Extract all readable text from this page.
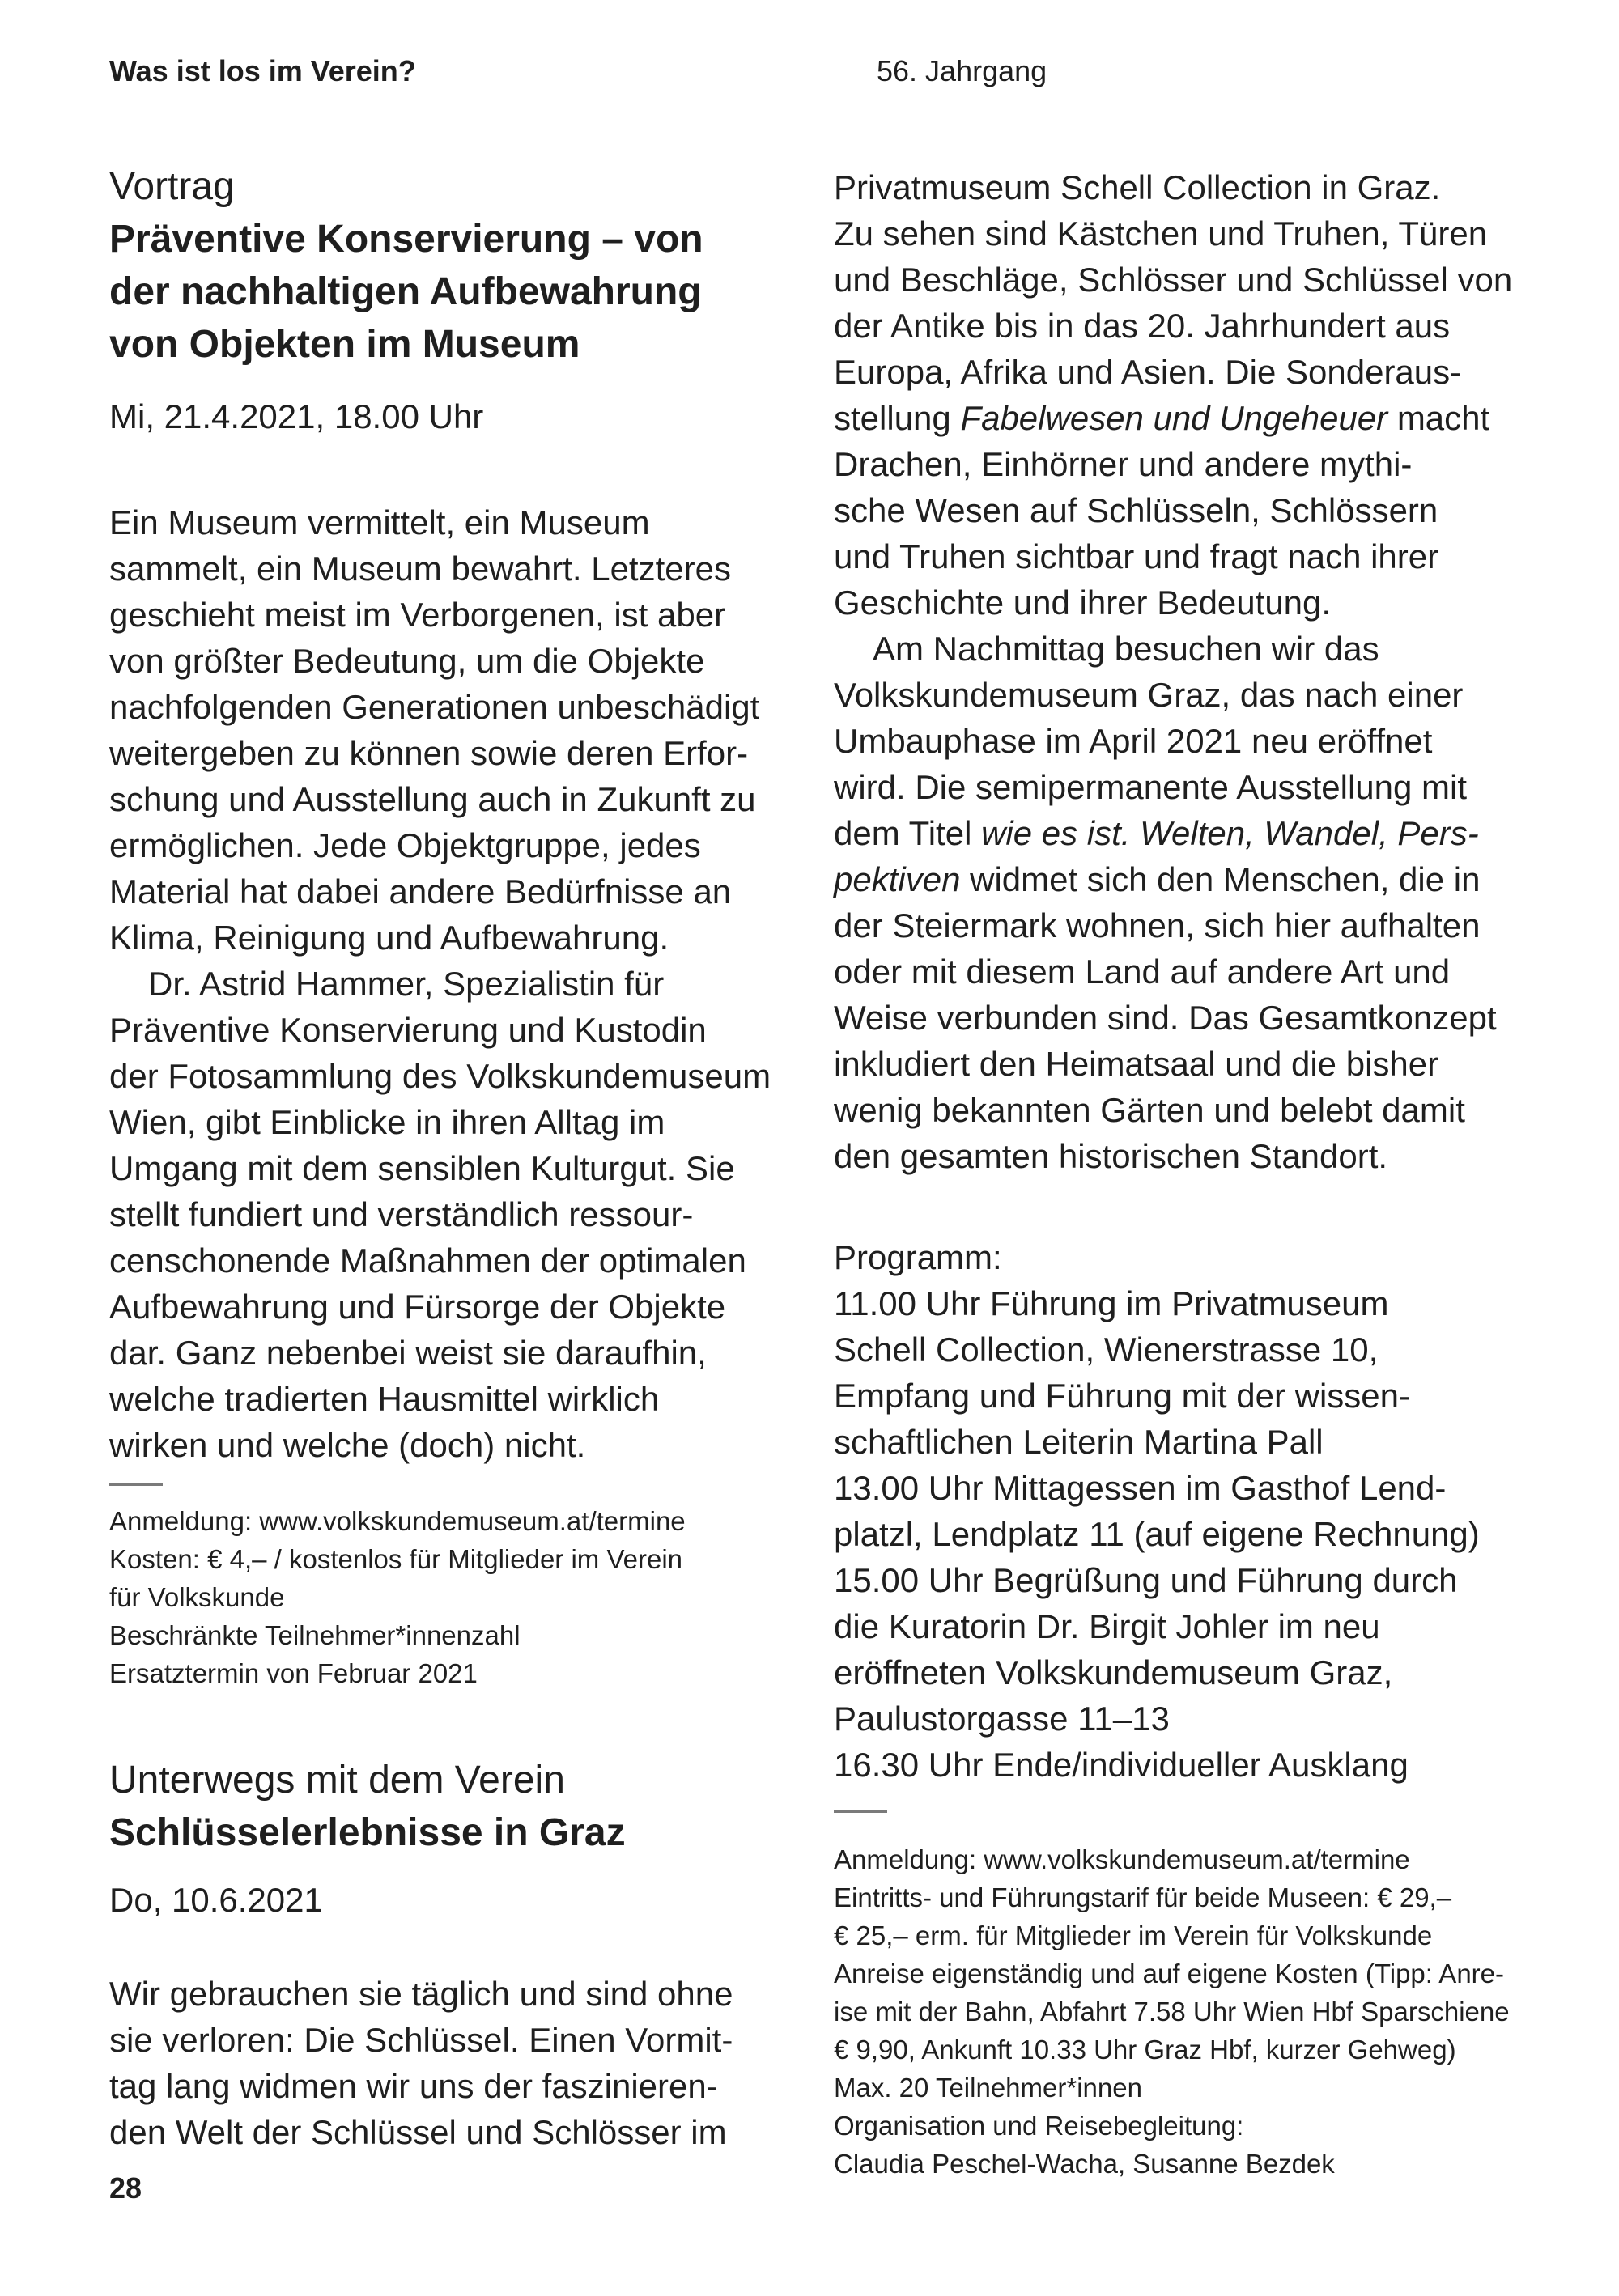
Was ist los im Verein?	56. Jahrgang
Vortrag
Präventive Konservierung – von
der nachhaltigen Aufbewahrung
von Objekten im Museum
Mi, 21.4.2021, 18.00 Uhr
Ein Museum vermittelt, ein Museum
sammelt, ein Museum bewahrt. Letzteres
geschieht meist im Verborgenen, ist aber
von größter Bedeutung, um die Objekte
nachfolgenden Generationen unbeschädigt
weitergeben zu können sowie deren Erfor-
schung und Ausstellung auch in Zukunft zu
ermöglichen. Jede Objektgruppe, jedes
Material hat dabei andere Bedürfnisse an
Klima, Reinigung und Aufbewahrung.
Dr. Astrid Hammer, Spezialistin für
Präventive Konservierung und Kustodin
der Fotosammlung des Volkskundemuseum
Wien, gibt Einblicke in ihren Alltag im
Umgang mit dem sensiblen Kulturgut. Sie
stellt fundiert und verständlich ressour-
censchonende Maßnahmen der optimalen
Aufbewahrung und Fürsorge der Objekte
dar. Ganz nebenbei weist sie daraufhin,
welche tradierten Hausmittel wirklich
wirken und welche (doch) nicht.
Anmeldung: www.volkskundemuseum.at/termine
Kosten: € 4,– / kostenlos für Mitglieder im Verein
für Volkskunde
Beschränkte Teilnehmer*innenzahl
Ersatztermin von Februar 2021
Unterwegs mit dem Verein
Schlüsselerlebnisse in Graz
Do, 10.6.2021
Wir gebrauchen sie täglich und sind ohne
sie verloren: Die Schlüssel. Einen Vormit-
tag lang widmen wir uns der faszinieren-
den Welt der Schlüssel und Schlösser im
28
Privatmuseum Schell Collection in Graz.
Zu sehen sind Kästchen und Truhen, Türen
und Beschläge, Schlösser und Schlüssel von
der Antike bis in das 20. Jahrhundert aus
Europa, Afrika und Asien. Die Sonderaus-
stellung Fabelwesen und Ungeheuer macht
Drachen, Einhörner und andere mythi-
sche Wesen auf Schlüsseln, Schlössern
und Truhen sichtbar und fragt nach ihrer
Geschichte und ihrer Bedeutung.
Am Nachmittag besuchen wir das
Volkskundemuseum Graz, das nach einer
Umbauphase im April 2021 neu eröffnet
wird. Die semipermanente Ausstellung mit
dem Titel wie es ist. Welten, Wandel, Pers-
pektiven widmet sich den Menschen, die in
der Steiermark wohnen, sich hier aufhalten
oder mit diesem Land auf andere Art und
Weise verbunden sind. Das Gesamtkonzept
inkludiert den Heimatsaal und die bisher
wenig bekannten Gärten und belebt damit
den gesamten historischen Standort.
Programm:
11.00 Uhr Führung im Privatmuseum
Schell Collection, Wienerstrasse 10,
Empfang und Führung mit der wissen-
schaftlichen Leiterin Martina Pall
13.00 Uhr Mittagessen im Gasthof Lend-
platzl, Lendplatz 11 (auf eigene Rechnung)
15.00 Uhr Begrüßung und Führung durch
die Kuratorin Dr. Birgit Johler im neu
eröffneten Volkskundemuseum Graz,
Paulustorgasse 11–13
16.30 Uhr Ende/individueller Ausklang
Anmeldung: www.volkskundemuseum.at/termine
Eintritts- und Führungstarif für beide Museen: € 29,–
€ 25,– erm. für Mitglieder im Verein für Volkskunde
Anreise eigenständig und auf eigene Kosten (Tipp: Anre-
ise mit der Bahn, Abfahrt 7.58 Uhr Wien Hbf Sparschiene
€ 9,90, Ankunft 10.33 Uhr Graz Hbf, kurzer Gehweg)
Max. 20 Teilnehmer*innen
Organisation und Reisebegleitung:
Claudia Peschel-Wacha, Susanne Bezdek
